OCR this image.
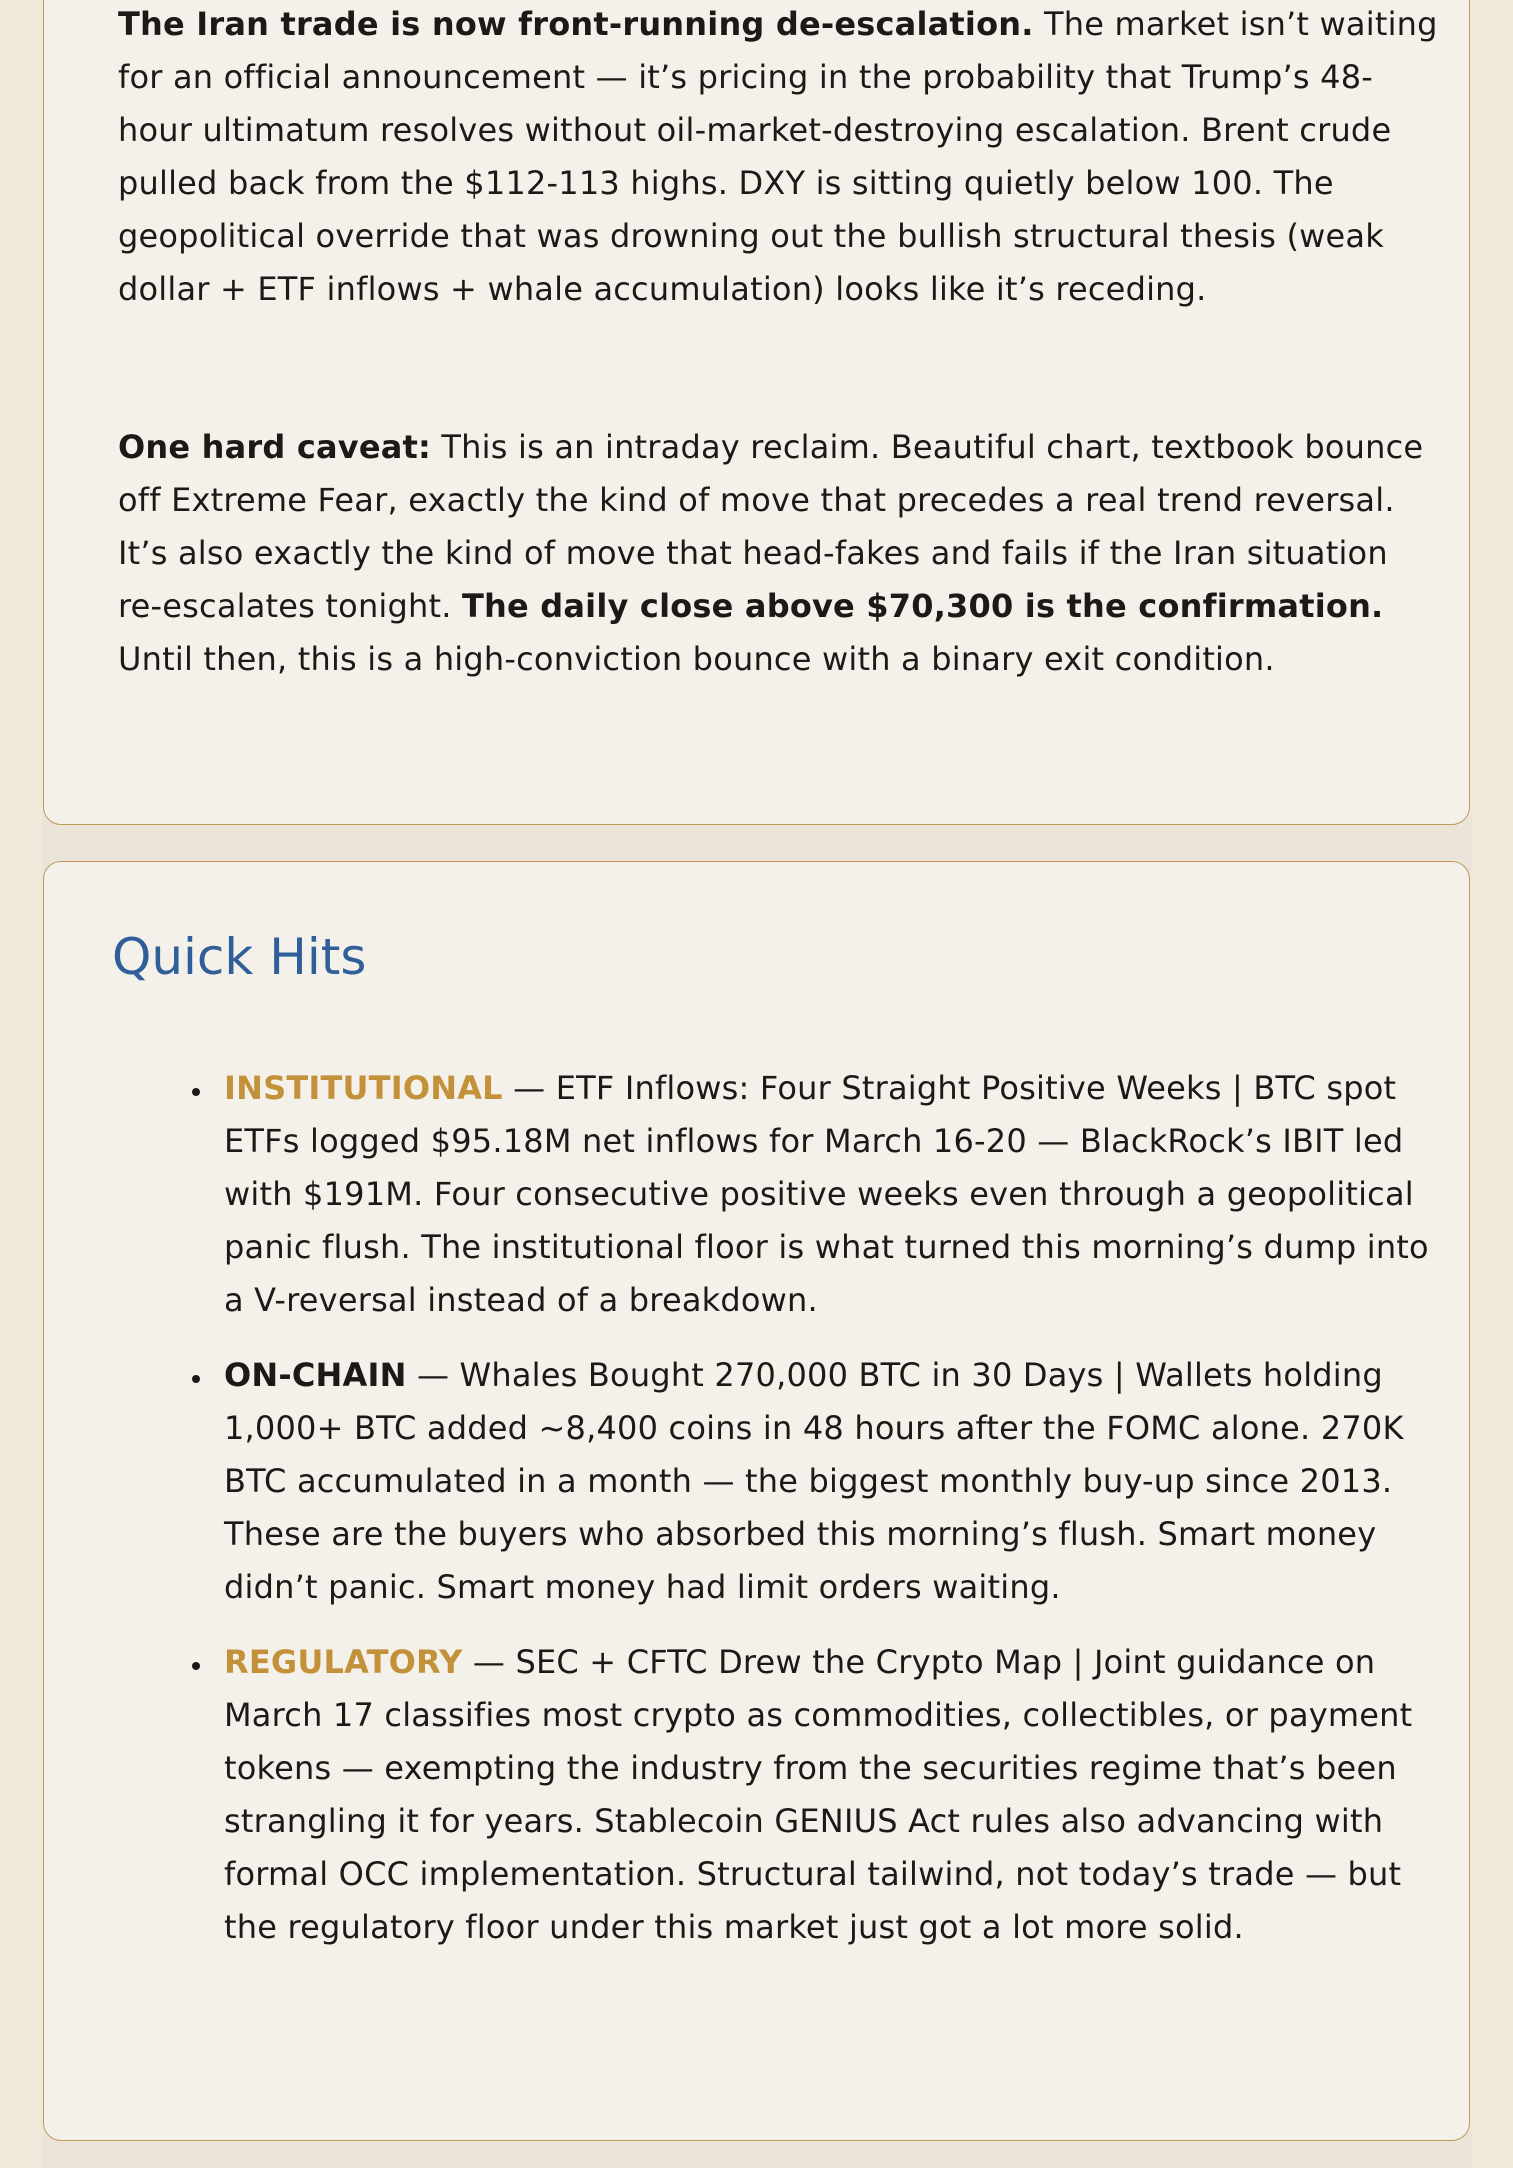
The Iran trade is now front-running de-escalation. The market isn’t waiting for an official announcement — it’s pricing in the probability that Trump’s 48-hour ultimatum resolves without oil-market-destroying escalation. Brent crude pulled back from the $112-113 highs. DXY is sitting quietly below 100. The geopolitical override that was drowning out the bullish structural thesis (weak dollar + ETF inflows + whale accumulation) looks like it’s receding.

One hard caveat: This is an intraday reclaim. Beautiful chart, textbook bounce off Extreme Fear, exactly the kind of move that precedes a real trend reversal. It’s also exactly the kind of move that head-fakes and fails if the Iran situation re-escalates tonight. The daily close above $70,300 is the confirmation. Until then, this is a high-conviction bounce with a binary exit condition.

Quick Hits
• INSTITUTIONAL — ETF Inflows: Four Straight Positive Weeks | BTC spot ETFs logged $95.18M net inflows for March 16-20 — BlackRock’s IBIT led with $191M. Four consecutive positive weeks even through a geopolitical panic flush. The institutional floor is what turned this morning’s dump into a V-reversal instead of a breakdown.
• ON-CHAIN — Whales Bought 270,000 BTC in 30 Days | Wallets holding 1,000+ BTC added ~8,400 coins in 48 hours after the FOMC alone. 270K BTC accumulated in a month — the biggest monthly buy-up since 2013. These are the buyers who absorbed this morning’s flush. Smart money didn’t panic. Smart money had limit orders waiting.
• REGULATORY — SEC + CFTC Drew the Crypto Map | Joint guidance on March 17 classifies most crypto as commodities, collectibles, or payment tokens — exempting the industry from the securities regime that’s been strangling it for years. Stablecoin GENIUS Act rules also advancing with formal OCC implementation. Structural tailwind, not today’s trade — but the regulatory floor under this market just got a lot more solid.
